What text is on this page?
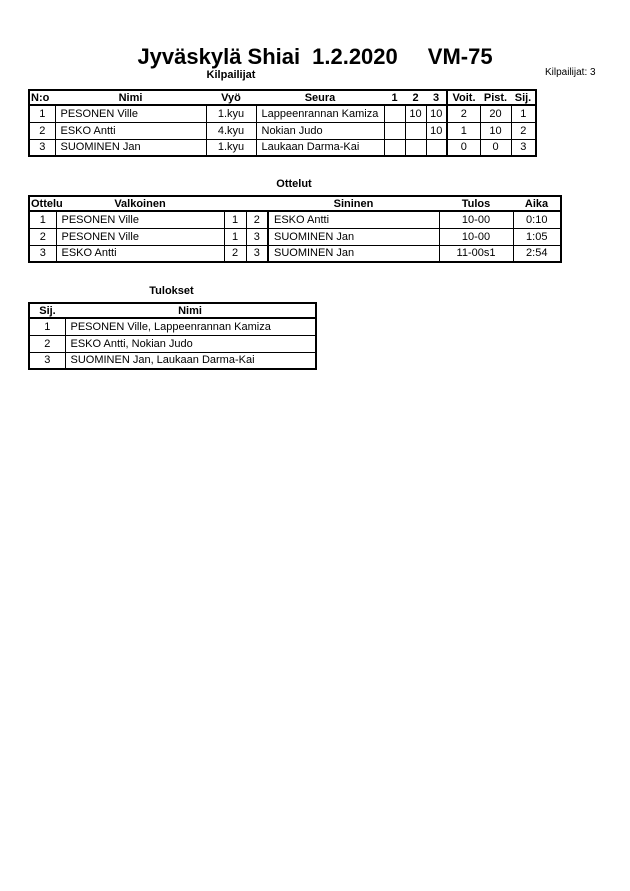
Jyväskylä Shiai 1.2.2020 VM-75
Kilpailijat	Kilpailijat: 3
N:o	Nimi	Vyö	Seura	1	2	3	Voit.	Pist.	Sij.
1	PESONEN Ville	1.kyu	Lappeenrannan Kamiza		10	10	2	20	1
2	ESKO Antti	4.kyu	Nokian Judo			10	1	10	2
3	SUOMINEN Jan	1.kyu	Laukaan Darma-Kai				0	0	3
Ottelut
Ottelu	Valkoinen			Sininen	Tulos	Aika
1	PESONEN Ville	1	2	ESKO Antti	10-00	0:10
2	PESONEN Ville	1	3	SUOMINEN Jan	10-00	1:05
3	ESKO Antti	2	3	SUOMINEN Jan	11-00s1	2:54
Tulokset
Sij.	Nimi
1	PESONEN Ville, Lappeenrannan Kamiza
2	ESKO Antti, Nokian Judo
3	SUOMINEN Jan, Laukaan Darma-Kai
